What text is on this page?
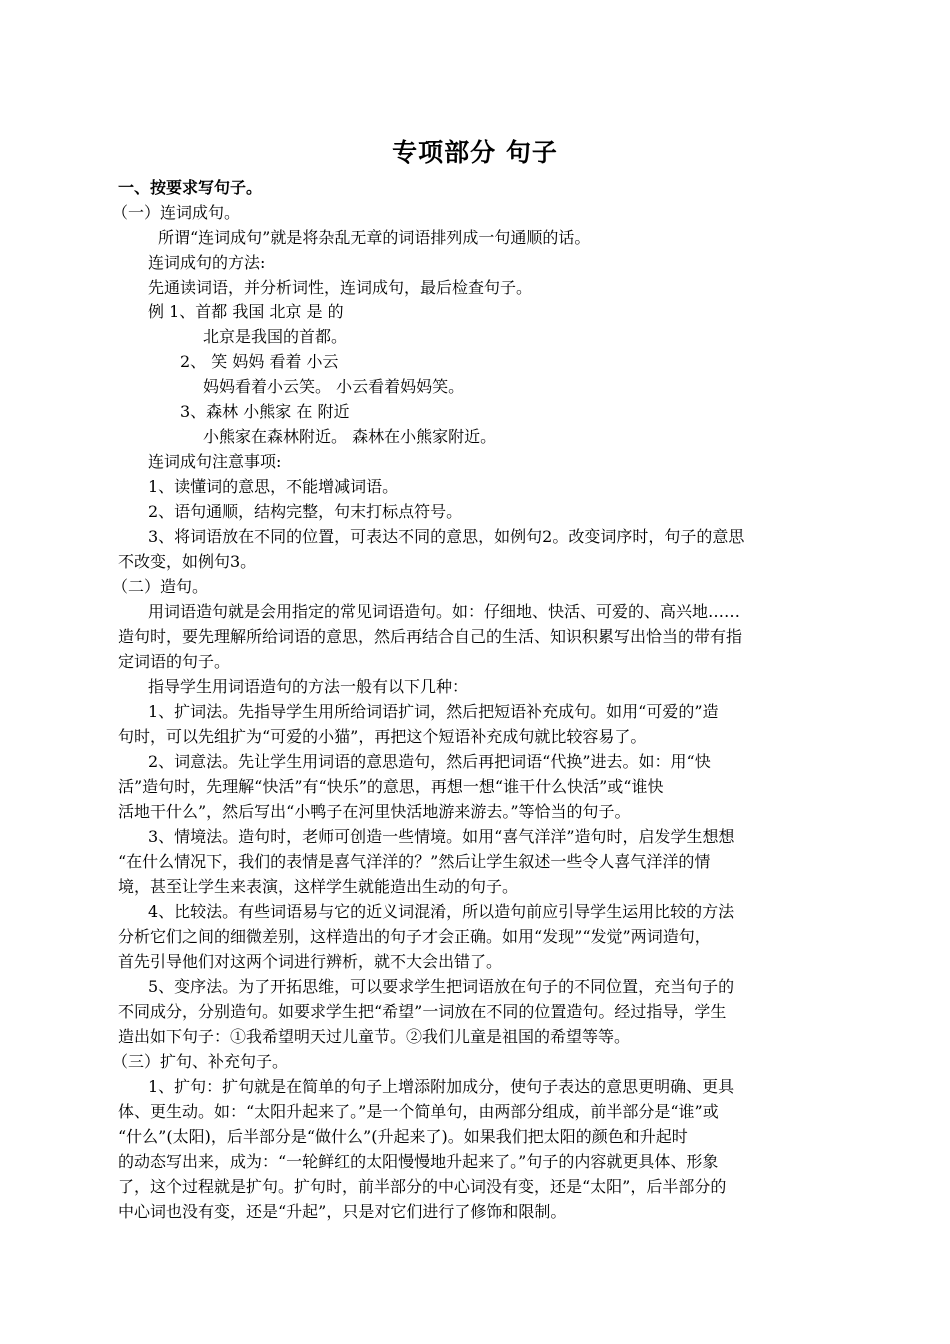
专项部分 句子
一、按要求写句子。
（一）连词成句。
所谓“连词成句”就是将杂乱无章的词语排列成一句通顺的话。
连词成句的方法:
先通读词语，并分析词性，连词成句，最后检查句子。
例 1、首都 我国 北京 是 的
北京是我国的首都。
2、 笑 妈妈 看着 小云
妈妈看着小云笑。 小云看着妈妈笑。
3、森林 小熊家 在 附近
小熊家在森林附近。 森林在小熊家附近。
连词成句注意事项:
1、读懂词的意思，不能增减词语。
2、语句通顺，结构完整，句末打标点符号。
3、将词语放在不同的位置，可表达不同的意思，如例句2。改变词序时，句子的意思
不改变，如例句3。
（二）造句。
用词语造句就是会用指定的常见词语造句。如：仔细地、快活、可爱的、高兴地……
造句时，要先理解所给词语的意思，然后再结合自己的生活、知识积累写出恰当的带有指
定词语的句子。
指导学生用词语造句的方法一般有以下几种：
1、扩词法。先指导学生用所给词语扩词，然后把短语补充成句。如用“可爱的”造
句时，可以先组扩为“可爱的小猫”，再把这个短语补充成句就比较容易了。
2、词意法。先让学生用词语的意思造句，然后再把词语“代换”进去。如：用“快
活”造句时，先理解“快活”有“快乐”的意思，再想一想“谁干什么快活”或“谁快
活地干什么”，然后写出“小鸭子在河里快活地游来游去。”等恰当的句子。
3、情境法。造句时，老师可创造一些情境。如用“喜气洋洋”造句时，启发学生想想
“在什么情况下，我们的表情是喜气洋洋的？”然后让学生叙述一些令人喜气洋洋的情
境，甚至让学生来表演，这样学生就能造出生动的句子。
4、比较法。有些词语易与它的近义词混淆，所以造句前应引导学生运用比较的方法
分析它们之间的细微差别，这样造出的句子才会正确。如用“发现”“发觉”两词造句，
首先引导他们对这两个词进行辨析，就不大会出错了。
5、变序法。为了开拓思维，可以要求学生把词语放在句子的不同位置，充当句子的
不同成分，分别造句。如要求学生把“希望”一词放在不同的位置造句。经过指导，学生
造出如下句子：①我希望明天过儿童节。②我们儿童是祖国的希望等等。
（三）扩句、补充句子。
1、扩句：扩句就是在简单的句子上增添附加成分，使句子表达的意思更明确、更具
体、更生动。如：“太阳升起来了。”是一个简单句，由两部分组成，前半部分是“谁”或
“什么”(太阳)，后半部分是“做什么”(升起来了)。如果我们把太阳的颜色和升起时
的动态写出来，成为：“一轮鲜红的太阳慢慢地升起来了。”句子的内容就更具体、形象
了，这个过程就是扩句。扩句时，前半部分的中心词没有变，还是“太阳”，后半部分的
中心词也没有变，还是“升起”，只是对它们进行了修饰和限制。
